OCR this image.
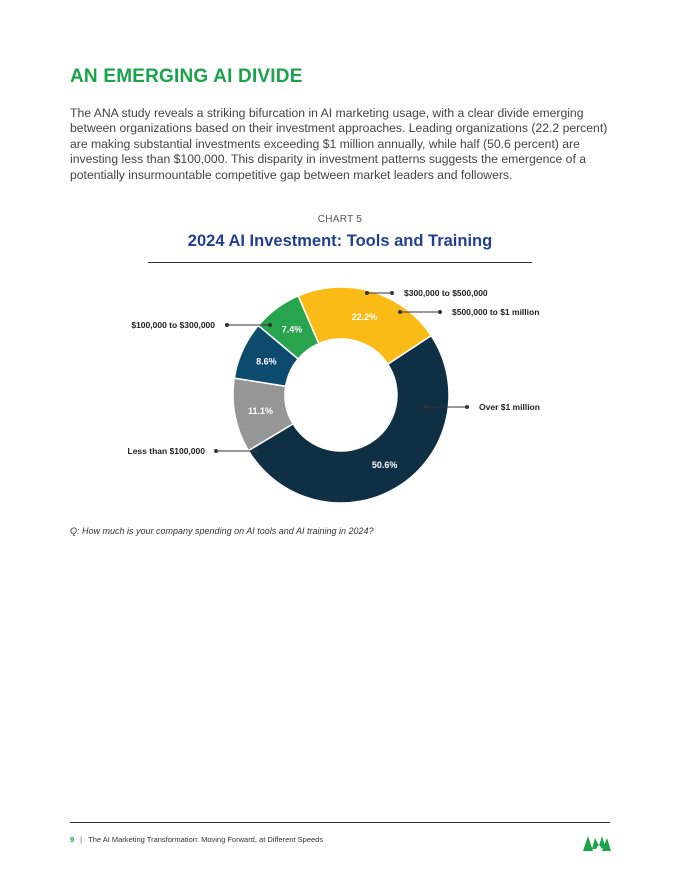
AN EMERGING AI DIVIDE

The ANA study reveals a striking bifurcation in AI marketing usage, with a clear divide emerging between organizations based on their investment approaches. Leading organizations (22.2 percent) are making substantial investments exceeding $1 million annually, while half (50.6 percent) are investing less than $100,000. This disparity in investment patterns suggests the emergence of a potentially insurmountable competitive gap between market leaders and followers.

CHART 5
2024 AI Investment: Tools and Training
7.4%
22.2%
50.6%
11.1%
8.6%
$300,000 to $500,000
$500,000 to $1 million
Over $1 million
Less than $100,000
$100,000 to $300,000
Q: How much is your company spending on AI tools and AI training in 2024?
9 | The AI Marketing Transformation: Moving Forward, at Different Speeds
